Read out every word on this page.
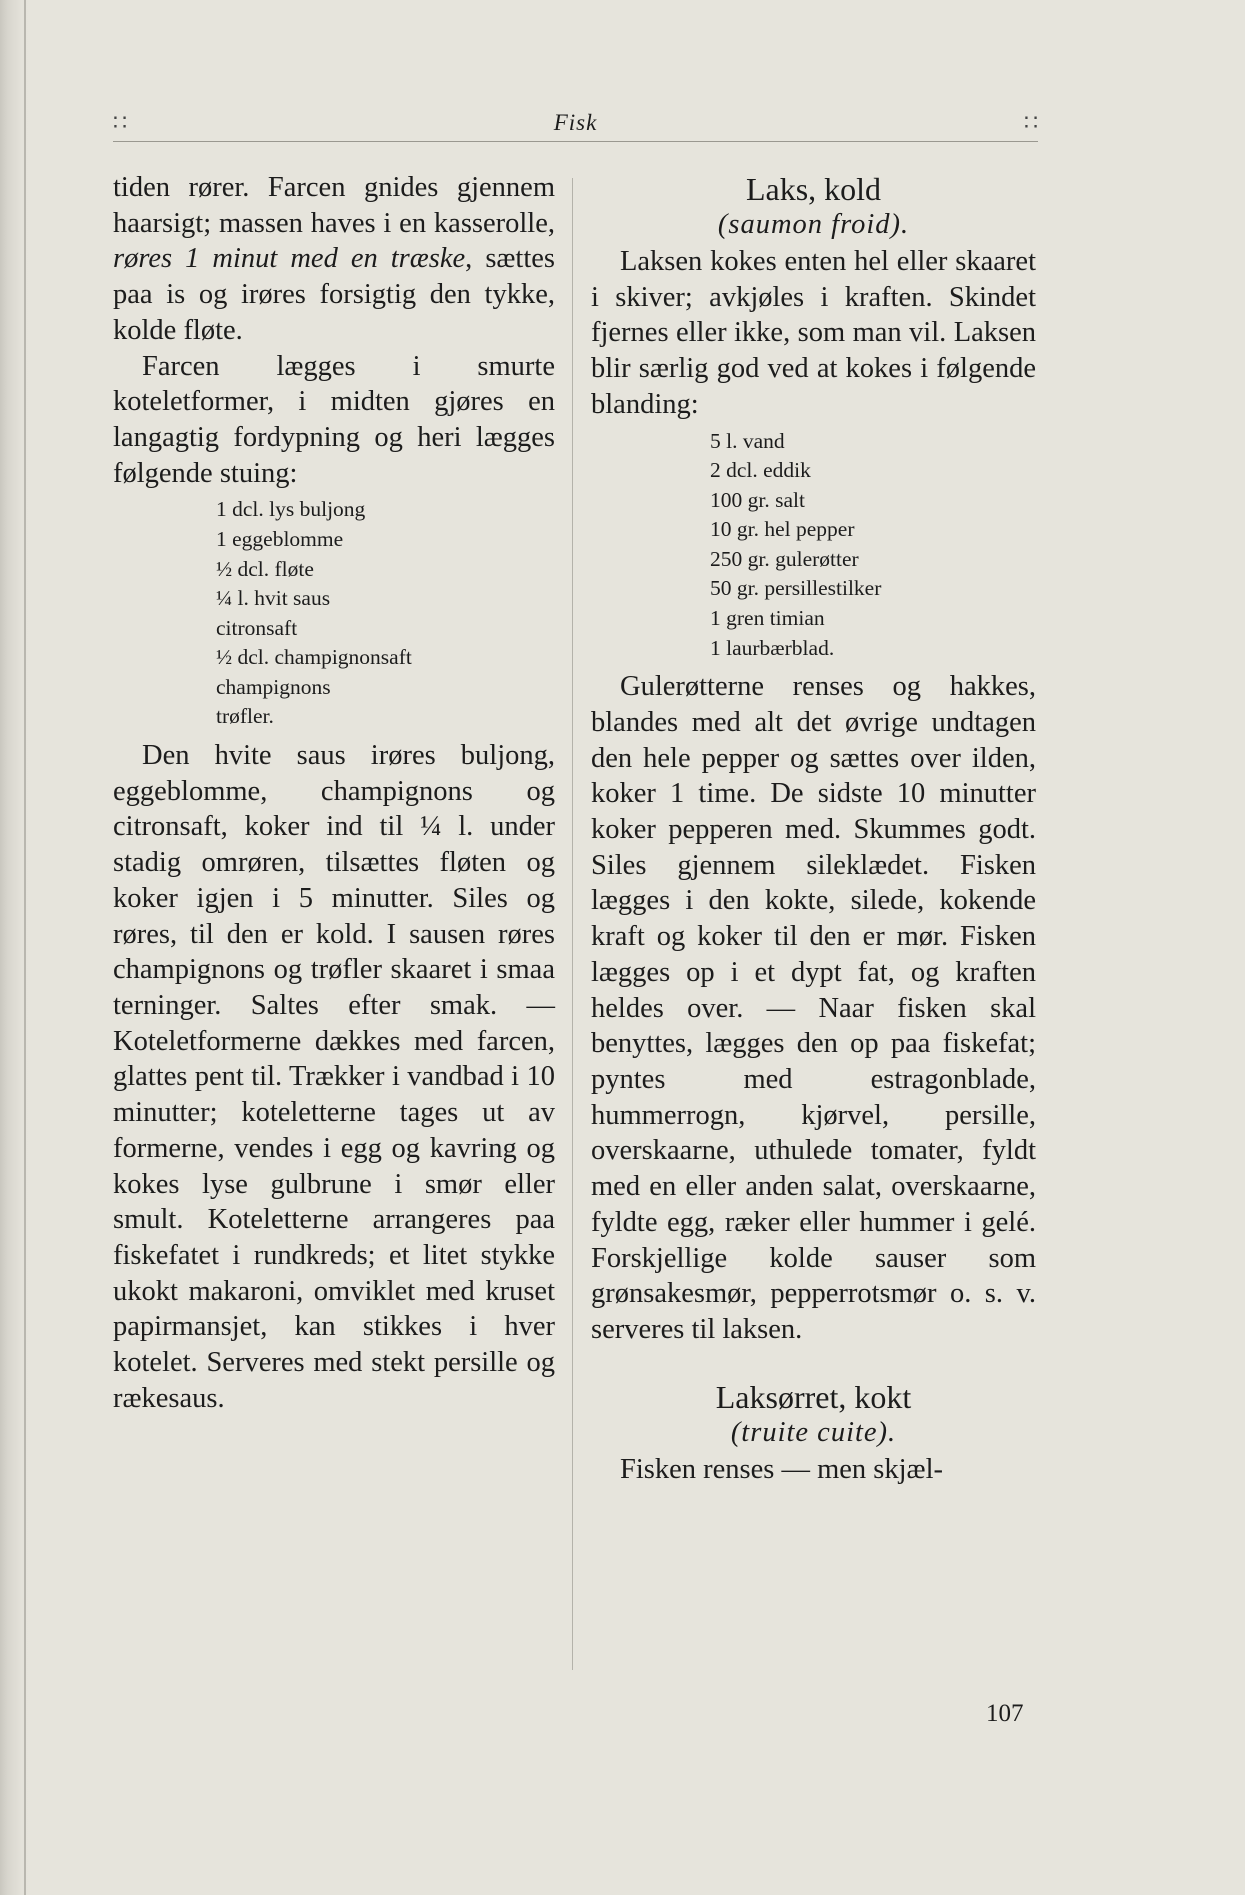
∷	Fisk	∷

tiden rører. Farcen gnides gjennem haarsigt; massen haves i en kasserolle, røres 1 minut med en træske, sættes paa is og irøres forsigtig den tykke, kolde fløte.

Farcen lægges i smurte koteletformer, i midten gjøres en langagtig fordypning og heri lægges følgende stuing:

1 dcl. lys buljong
1 eggeblomme
½ dcl. fløte
¼ l. hvit saus
citronsaft
½ dcl. champignonsaft
champignons
trøfler.

Den hvite saus irøres buljong, eggeblomme, champignons og citronsaft, koker ind til ¼ l. under stadig omrøren, tilsættes fløten og koker igjen i 5 minutter. Siles og røres, til den er kold. I sausen røres champignons og trøfler skaaret i smaa terninger. Saltes efter smak. — Koteletformerne dækkes med farcen, glattes pent til. Trækker i vandbad i 10 minutter; koteletterne tages ut av formerne, vendes i egg og kavring og kokes lyse gulbrune i smør eller smult. Koteletterne arrangeres paa fiskefatet i rundkreds; et litet stykke ukokt makaroni, omviklet med kruset papirmansjet, kan stikkes i hver kotelet. Serveres med stekt persille og rækesaus.

Laks, kold
(saumon froid).

Laksen kokes enten hel eller skaaret i skiver; avkjøles i kraften. Skindet fjernes eller ikke, som man vil. Laksen blir særlig god ved at kokes i følgende blanding:

5 l. vand
2 dcl. eddik
100 gr. salt
10 gr. hel pepper
250 gr. gulerøtter
50 gr. persillestilker
1 gren timian
1 laurbærblad.

Gulerøtterne renses og hakkes, blandes med alt det øvrige undtagen den hele pepper og sættes over ilden, koker 1 time. De sidste 10 minutter koker pepperen med. Skummes godt. Siles gjennem sileklædet. Fisken lægges i den kokte, silede, kokende kraft og koker til den er mør. Fisken lægges op i et dypt fat, og kraften heldes over. — Naar fisken skal benyttes, lægges den op paa fiskefat; pyntes med estragonblade, hummerrogn, kjørvel, persille, overskaarne, uthulede tomater, fyldt med en eller anden salat, overskaarne, fyldte egg, ræker eller hummer i gelé. Forskjellige kolde sauser som grønsakesmør, pepperrotsmør o. s. v. serveres til laksen.

Laksørret, kokt
(truite cuite).

Fisken renses — men skjæl-

107
